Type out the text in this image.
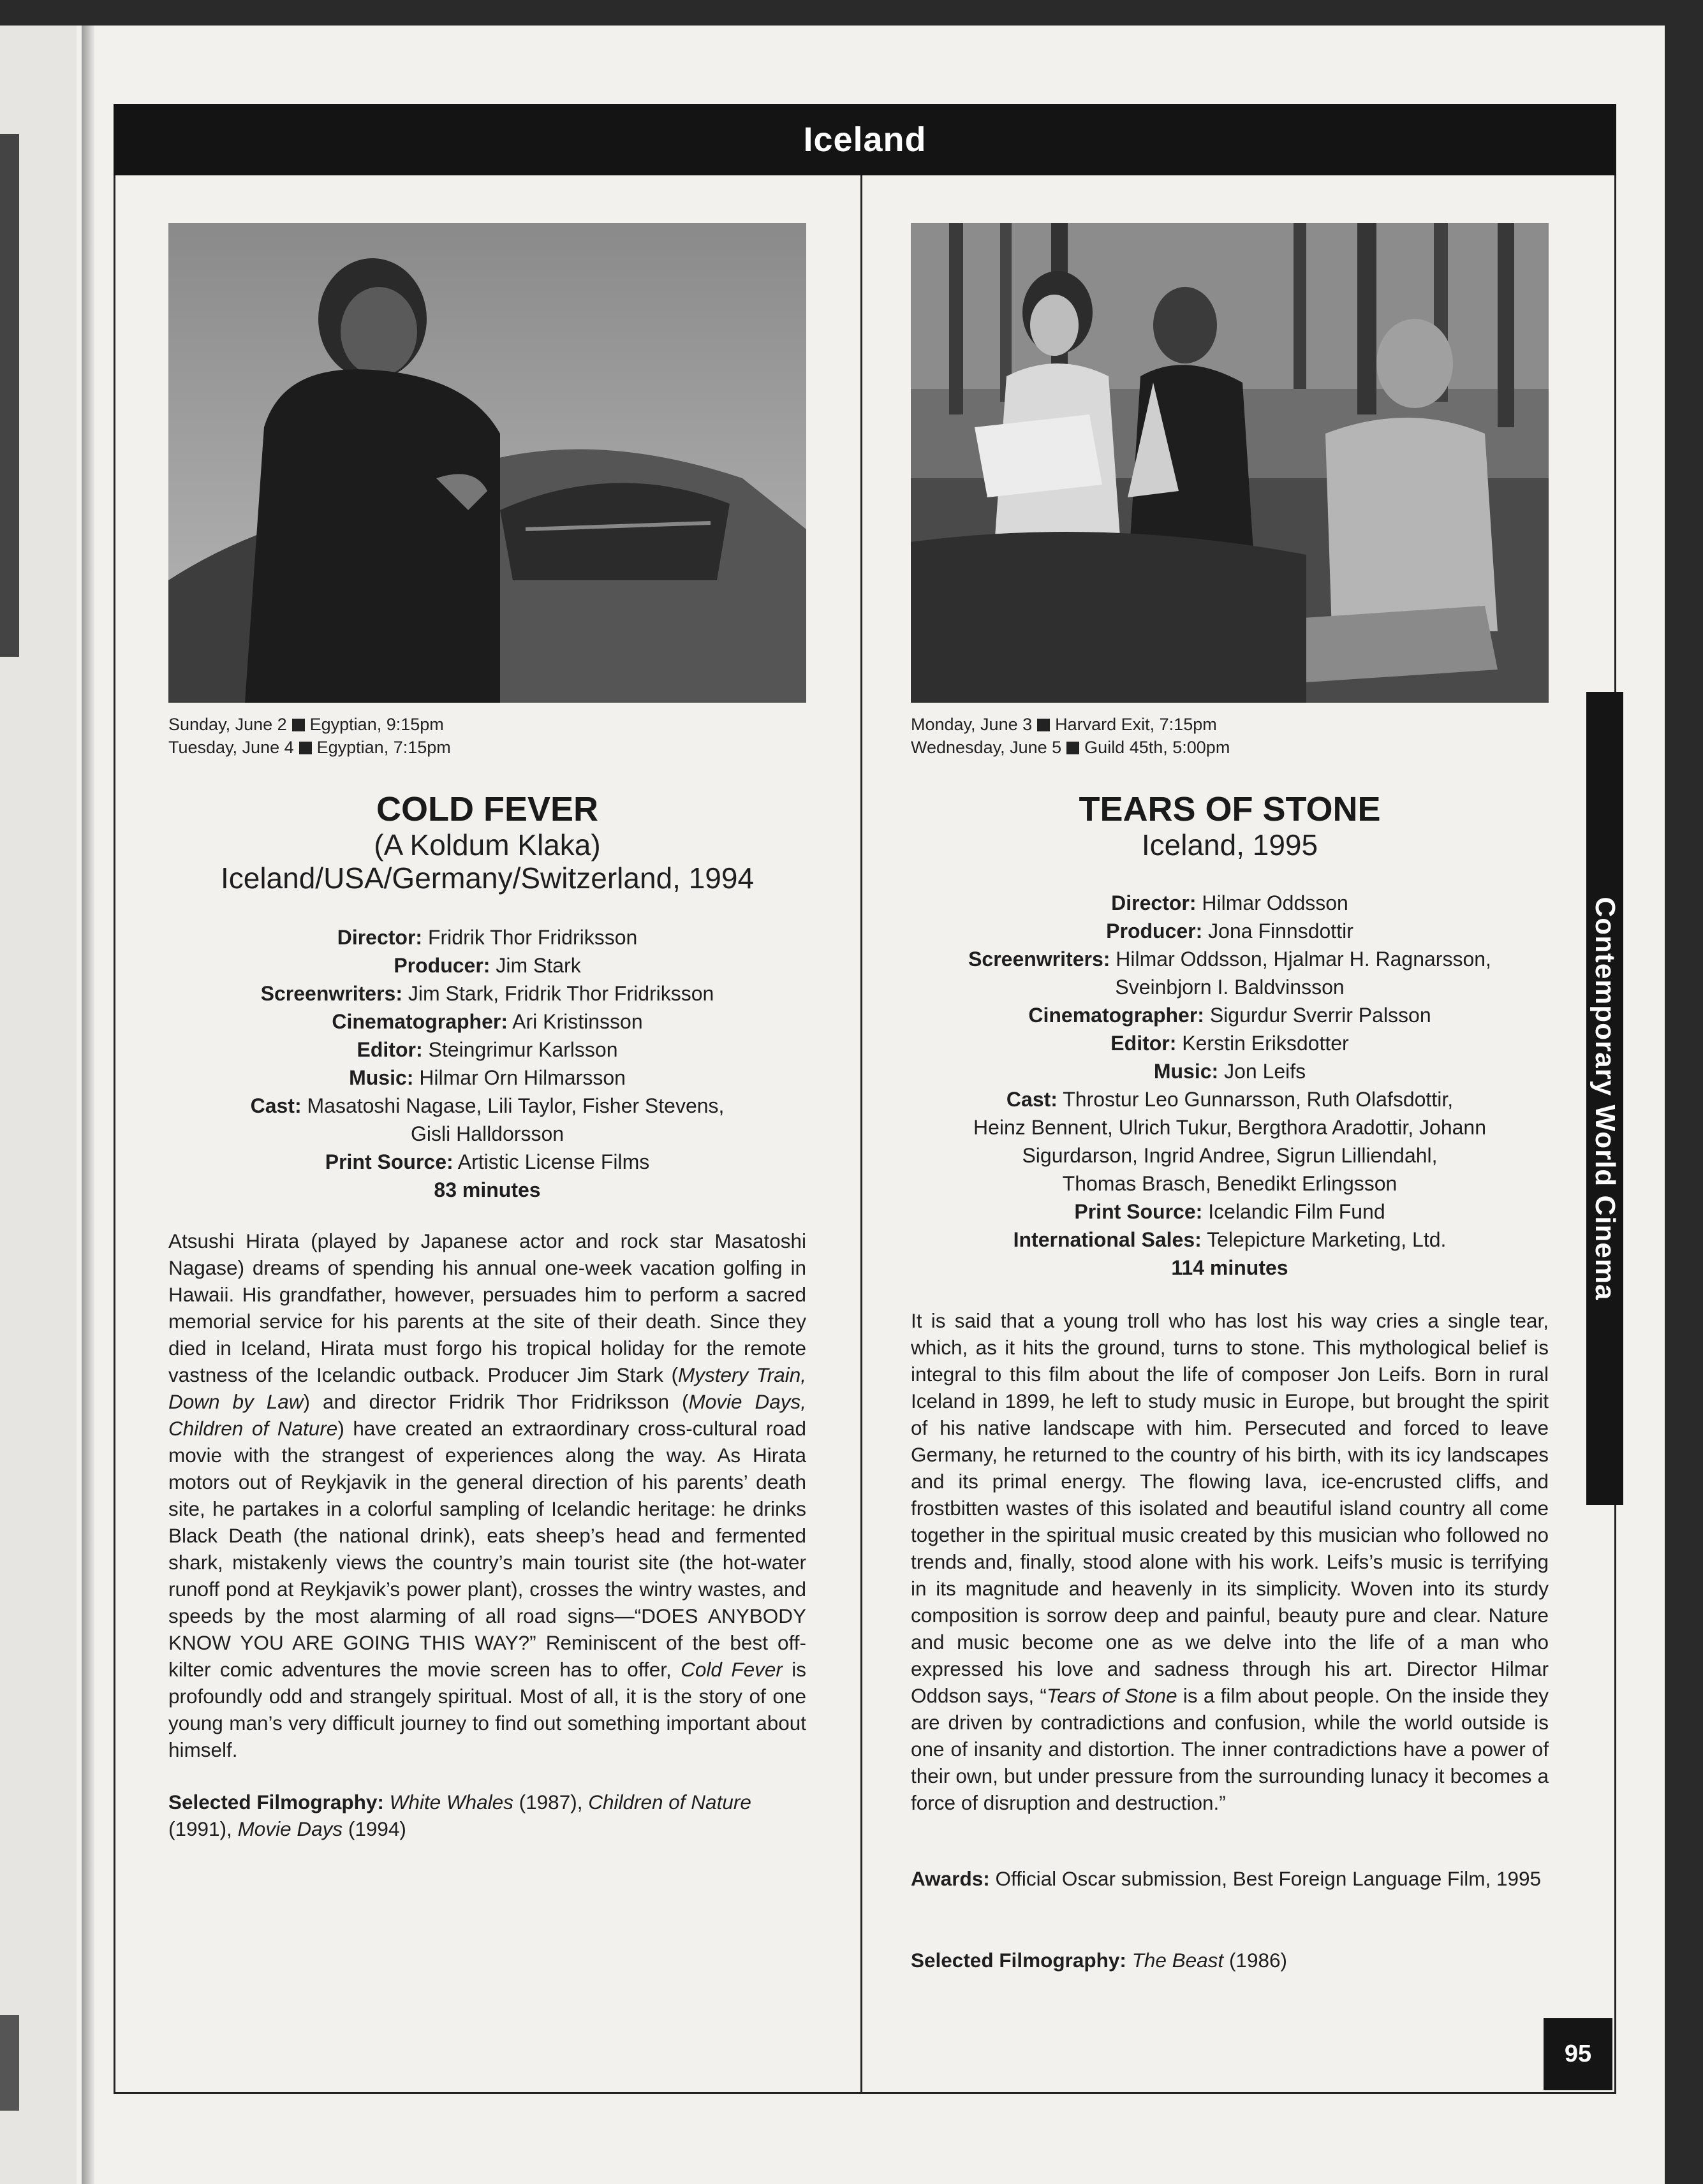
Iceland
Sunday, June 2 Egyptian, 9:15pm
Tuesday, June 4 Egyptian, 7:15pm
COLD FEVER
(A Koldum Klaka)
Iceland/USA/Germany/Switzerland, 1994
Director: Fridrik Thor Fridriksson
Producer: Jim Stark
Screenwriters: Jim Stark, Fridrik Thor Fridriksson
Cinematographer: Ari Kristinsson
Editor: Steingrimur Karlsson
Music: Hilmar Orn Hilmarsson
Cast: Masatoshi Nagase, Lili Taylor, Fisher Stevens,
Gisli Halldorsson
Print Source: Artistic License Films
83 minutes
Atsushi Hirata (played by Japanese actor and rock star Masatoshi Nagase) dreams of spending his annual one-week vacation golfing in Hawaii. His grandfather, however, persuades him to perform a sacred memorial service for his parents at the site of their death. Since they died in Iceland, Hirata must forgo his tropical holiday for the remote vastness of the Icelandic outback. Producer Jim Stark (Mystery Train, Down by Law) and director Fridrik Thor Fridriksson (Movie Days, Children of Nature) have created an extraordinary cross-cultural road movie with the strangest of experiences along the way. As Hirata motors out of Reykjavik in the general direction of his parents’ death site, he partakes in a colorful sampling of Icelandic heritage: he drinks Black Death (the national drink), eats sheep’s head and fermented shark, mistakenly views the country’s main tourist site (the hot-water runoff pond at Reykjavik’s power plant), crosses the wintry wastes, and speeds by the most alarming of all road signs—“DOES ANYBODY KNOW YOU ARE GOING THIS WAY?” Reminiscent of the best off-kilter comic adventures the movie screen has to offer, Cold Fever is profoundly odd and strangely spiritual. Most of all, it is the story of one young man’s very difficult journey to find out something important about himself.
Selected Filmography: White Whales (1987), Children of Nature (1991), Movie Days (1994)
Monday, June 3 Harvard Exit, 7:15pm
Wednesday, June 5 Guild 45th, 5:00pm
TEARS OF STONE
Iceland, 1995
Director: Hilmar Oddsson
Producer: Jona Finnsdottir
Screenwriters: Hilmar Oddsson, Hjalmar H. Ragnarsson,
Sveinbjorn I. Baldvinsson
Cinematographer: Sigurdur Sverrir Palsson
Editor: Kerstin Eriksdotter
Music: Jon Leifs
Cast: Throstur Leo Gunnarsson, Ruth Olafsdottir,
Heinz Bennent, Ulrich Tukur, Bergthora Aradottir, Johann
Sigurdarson, Ingrid Andree, Sigrun Lilliendahl,
Thomas Brasch, Benedikt Erlingsson
Print Source: Icelandic Film Fund
International Sales: Telepicture Marketing, Ltd.
114 minutes
It is said that a young troll who has lost his way cries a single tear, which, as it hits the ground, turns to stone. This mythological belief is integral to this film about the life of composer Jon Leifs. Born in rural Iceland in 1899, he left to study music in Europe, but brought the spirit of his native landscape with him. Persecuted and forced to leave Germany, he returned to the country of his birth, with its icy landscapes and its primal energy. The flowing lava, ice-encrusted cliffs, and frostbitten wastes of this isolated and beautiful island country all come together in the spiritual music created by this musician who followed no trends and, finally, stood alone with his work. Leifs’s music is terrifying in its magnitude and heavenly in its simplicity. Woven into its sturdy composition is sorrow deep and painful, beauty pure and clear. Nature and music become one as we delve into the life of a man who expressed his love and sadness through his art. Director Hilmar Oddson says, “Tears of Stone is a film about people. On the inside they are driven by contradictions and confusion, while the world outside is one of insanity and distortion. The inner contradictions have a power of their own, but under pressure from the surrounding lunacy it becomes a force of disruption and destruction.”
Awards: Official Oscar submission, Best Foreign Language Film, 1995
Selected Filmography: The Beast (1986)
Contemporary World Cinema
95
